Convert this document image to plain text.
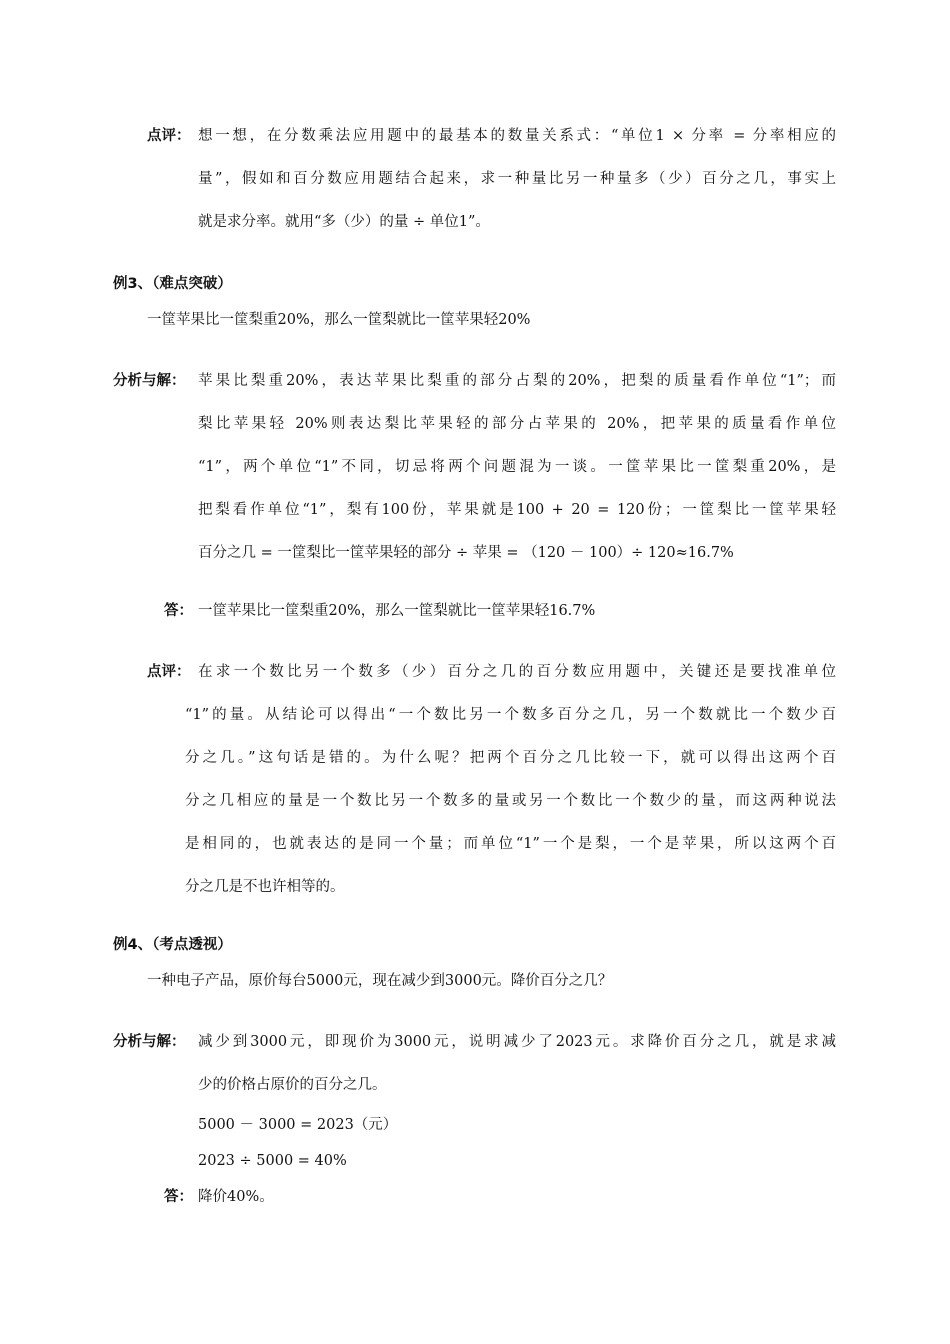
点评： 想一想，在分数乘法应用题中的最基本的数量关系式：“单位1 × 分率 = 分率相应的
量”，假如和百分数应用题结合起来，求一种量比另一种量多（少）百分之几，事实上
就是求分率。就用“多（少）的量 ÷ 单位1”。
例3、（难点突破）
一筐苹果比一筐梨重20%，那么一筐梨就比一筐苹果轻20%
分析与解： 苹果比梨重20%，表达苹果比梨重的部分占梨的20%，把梨的质量看作单位“1”；而
梨比苹果轻 20%则表达梨比苹果轻的部分占苹果的 20%，把苹果的质量看作单位
“1”，两个单位“1”不同，切忌将两个问题混为一谈。一筐苹果比一筐梨重20%，是
把梨看作单位“1”，梨有100份，苹果就是100 + 20 = 120份；一筐梨比一筐苹果轻
百分之几 = 一筐梨比一筐苹果轻的部分 ÷ 苹果 = （120 － 100）÷ 120≈16.7%
答： 一筐苹果比一筐梨重20%，那么一筐梨就比一筐苹果轻16.7%
点评： 在求一个数比另一个数多（少）百分之几的百分数应用题中，关键还是要找准单位
“1”的量。从结论可以得出“一个数比另一个数多百分之几，另一个数就比一个数少百
分之几。”这句话是错的。为什么呢？把两个百分之几比较一下，就可以得出这两个百
分之几相应的量是一个数比另一个数多的量或另一个数比一个数少的量，而这两种说法
是相同的，也就表达的是同一个量；而单位“1”一个是梨，一个是苹果，所以这两个百
分之几是不也许相等的。
例4、（考点透视）
一种电子产品，原价每台5000元，现在减少到3000元。降价百分之几？
分析与解： 减少到3000元，即现价为3000元，说明减少了2023元。求降价百分之几，就是求减
少的价格占原价的百分之几。
5000 － 3000 = 2023（元）
2023 ÷ 5000 = 40%
答： 降价40%。
